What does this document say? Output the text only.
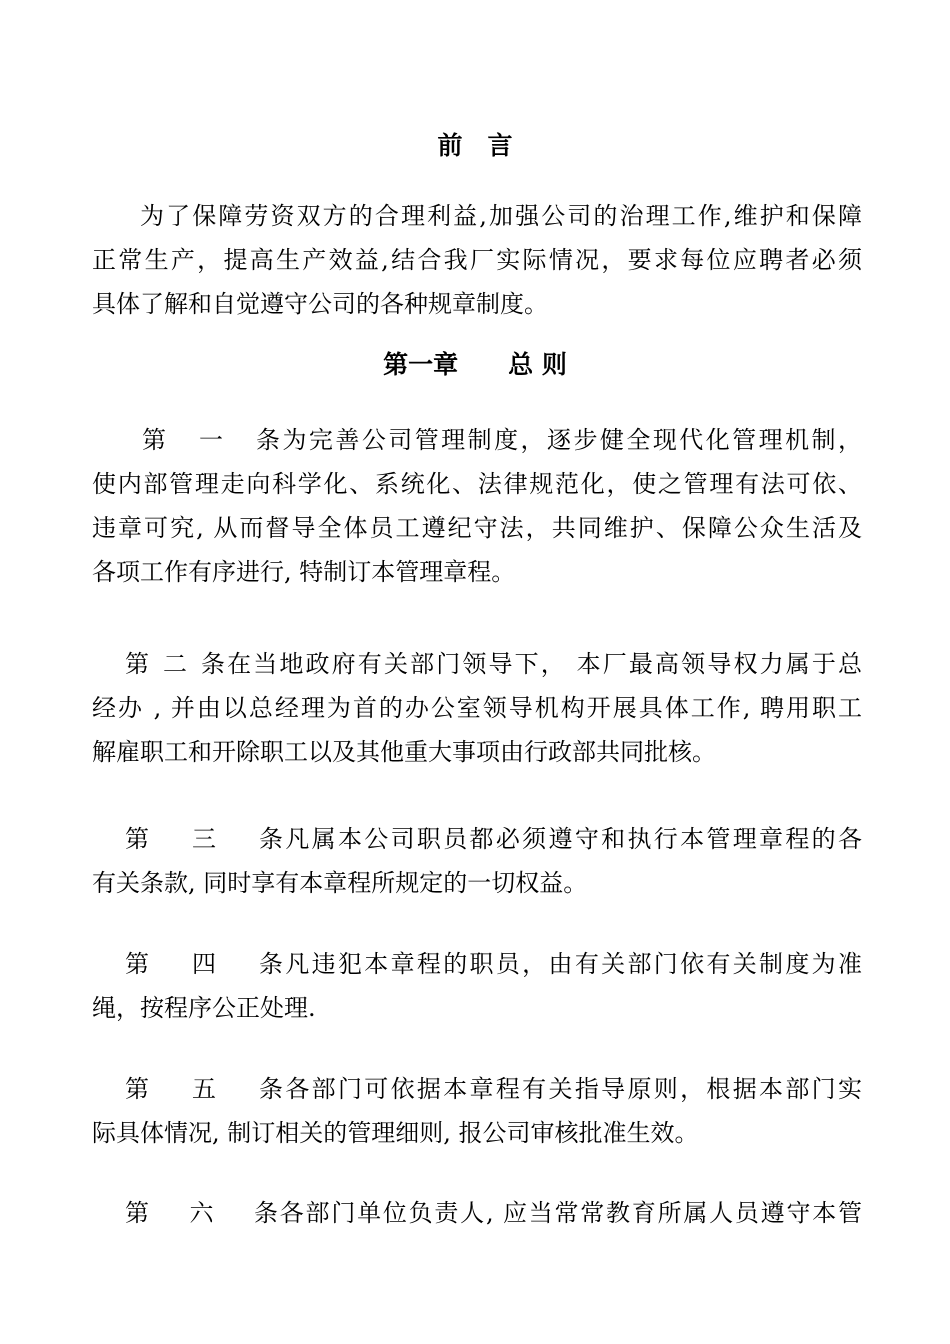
前　言
为了保障劳资双方的合理利益,加强公司的治理工作,维护和保障
正常生产，提高生产效益,结合我厂实际情况，要求每位应聘者必须
具体了解和自觉遵守公司的各种规章制度。
第一章　　总 则
第一条为完善公司管理制度，逐步健全现代化管理机制，
使内部管理走向科学化、系统化、法律规范化，使之管理有法可依、
违章可究, 从而督导全体员工遵纪守法，共同维护、保障公众生活及
各项工作有序进行, 特制订本管理章程。
第二条在当地政府有关部门领导下， 本厂最高领导权力属于总
经办 , 并由以总经理为首的办公室领导机构开展具体工作, 聘用职工
解雇职工和开除职工以及其他重大事项由行政部共同批核。
第三条凡属本公司职员都必须遵守和执行本管理章程的各
有关条款, 同时享有本章程所规定的一切权益。
第四条凡违犯本章程的职员，由有关部门依有关制度为准
绳，按程序公正处理.
第五条各部门可依据本章程有关指导原则，根据本部门实
际具体情况, 制订相关的管理细则, 报公司审核批准生效。
第六条各部门单位负责人, 应当常常教育所属人员遵守本管
